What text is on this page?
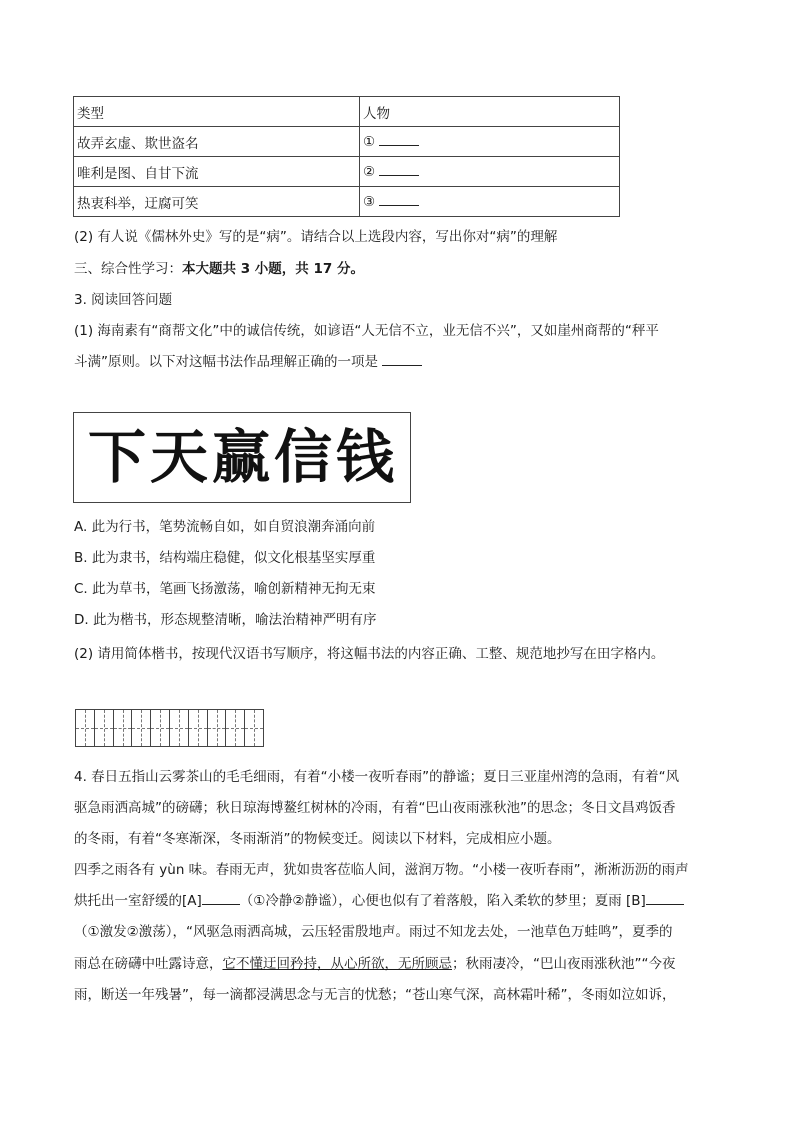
类型	人物
故弄玄虚、欺世盗名	①
唯利是图、自甘下流	②
热衷科举，迂腐可笑	③
(2) 有人说《儒林外史》写的是“病”。请结合以上选段内容，写出你对“病”的理解
三、综合性学习：本大题共 3 小题，共 17 分。
3. 阅读回答问题
(1) 海南素有“商帮文化”中的诚信传统，如谚语“人无信不立，业无信不兴”，又如崖州商帮的“秤平
斗满”原则。以下对这幅书法作品理解正确的一项是
下天赢信钱
A. 此为行书，笔势流畅自如，如自贸浪潮奔涌向前
B. 此为隶书，结构端庄稳健，似文化根基坚实厚重
C. 此为草书，笔画飞扬激荡，喻创新精神无拘无束
D. 此为楷书，形态规整清晰，喻法治精神严明有序
(2) 请用简体楷书，按现代汉语书写顺序，将这幅书法的内容正确、工整、规范地抄写在田字格内。
4. 春日五指山云雾茶山的毛毛细雨，有着“小楼一夜听春雨”的静谧；夏日三亚崖州湾的急雨，有着“风
驱急雨洒高城”的磅礴；秋日琼海博鳌红树林的冷雨，有着“巴山夜雨涨秋池”的思念；冬日文昌鸡饭香
的冬雨，有着“冬寒渐深，冬雨渐消”的物候变迁。阅读以下材料，完成相应小题。
四季之雨各有 yùn 味。春雨无声，犹如贵客莅临人间，滋润万物。“小楼一夜听春雨”，淅淅沥沥的雨声
烘托出一室舒缓的[A]	（①冷静②静谧），心便也似有了着落般，陷入柔软的梦里；夏雨 [B]
（①激发②激荡），“风驱急雨洒高城，云压轻雷殷地声。雨过不知龙去处，一池草色万蛙鸣”，夏季的
雨总在磅礴中吐露诗意，它不懂迂回矜持，从心所欲，无所顾忌；秋雨凄冷，“巴山夜雨涨秋池”“今夜
雨，断送一年残暑”，每一滴都浸满思念与无言的忧愁；“苍山寒气深，高林霜叶稀”，冬雨如泣如诉，
